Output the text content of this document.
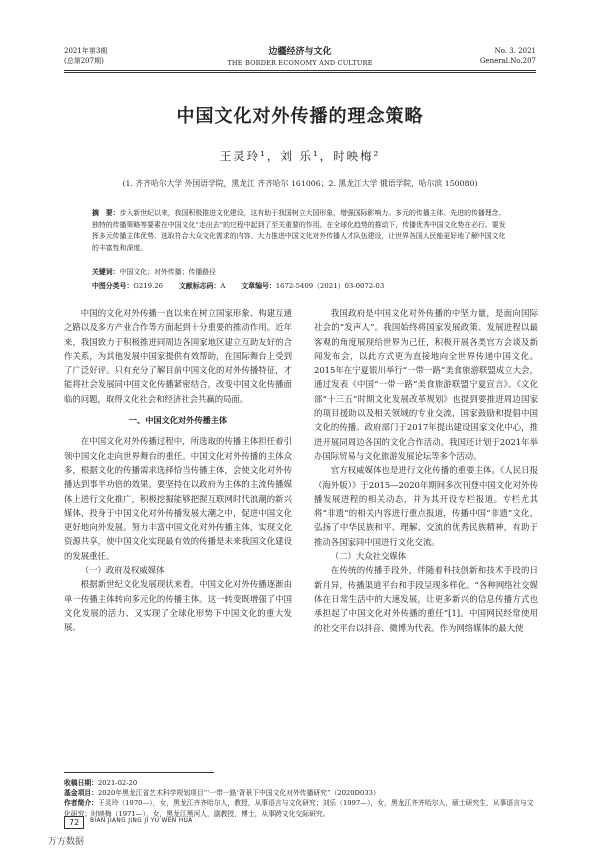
2021年第3期
(总第207期)
边疆经济与文化
THE BORDER ECONOMY AND CULTURE
No. 3. 2021
General.No.207
中国文化对外传播的理念策略
王灵玲¹，刘 乐¹，时映梅²
(1. 齐齐哈尔大学 外国语学院，黑龙江 齐齐哈尔 161006；2. 黑龙江大学 俄语学院，哈尔滨 150080)
摘　要：步入新世纪以来，我国积极推进文化建设，这有助于我国树立大国形象，增强国际影响力。多元的传播主体、先进的传播理念、独特的传播策略等要素在中国文化“走出去”的过程中起到了至关重要的作用。在全球化趋势的推动下，传播优秀中国文化势在必行。要发挥多元传播主体优势、选取符合大众文化需求的内容、大力推进中国文化对外传播人才队伍建设，让世界各国人民能更好地了解中国文化的丰富性和深度。
关键词：中国文化；对外传播；传播路径
中图分类号：G219.26 文献标志码：A 文章编号：1672-5409（2021）03-0072-03

中国的文化对外传播一直以来在树立国家形象、构建互通之路以及多方产业合作等方面起到十分重要的推动作用。近年来，我国致力于积极推进同周边各国家地区建立互助友好的合作关系，为其他发展中国家提供有效帮助，在国际舞台上受到了广泛好评。只有充分了解目前中国文化的对外传播特征，才能将社会发展同中国文化传播紧密结合，改变中国文化传播面临的问题，取得文化社会和经济社会共赢的局面。

一、中国文化对外传播主体

在中国文化对外传播过程中，所选取的传播主体担任着引领中国文化走向世界舞台的重任。中国文化对外传播的主体众多，根据文化的传播需求选择恰当传播主体，会使文化对外传播达到事半功倍的效果。要坚持在以政府为主体的主流传播媒体上进行文化推广，积极挖掘能够把握互联网时代浪潮的新兴媒体，投身于中国文化对外传播发展大潮之中，促进中国文化更好地向外发展。努力丰富中国文化对外传播主体，实现文化资源共享，使中国文化实现最有效的传播是未来我国文化建设的发展重任。

（一）政府及权威媒体

根据新世纪文化发展现状来看，中国文化对外传播逐渐由单一传播主体转向多元化的传播主体。这一转变既增强了中国文化发展的活力、又实现了全球化形势下中国文化的重大发展。

我国政府是中国文化对外传播的中坚力量，是面向国际社会的“发声人”。我国始终将国家发展政策、发展进程以最客观的角度展现给世界为己任，积极开展各类官方会谈及新闻发布会，以此方式更为直接地向全世界传递中国文化。2015年在宁夏银川举行“一带一路”美食旅游联盟成立大会，通过发表《中国“一带一路”美食旅游联盟宁夏宣言》。《文化部“十三五”时期文化发展改革规划》也提到要推进周边国家的项目援助以及相关领域的专业交流，国家鼓励和提倡中国文化的传播。政府部门于2017年提出建设国家文化中心，推进开展同周边各国的文化合作活动。我国还计划于2021年举办国际贸易与文化旅游发展论坛等多个活动。

官方权威媒体也是进行文化传播的重要主体。《人民日报（海外版）》于2015—2020年期间多次刊登中国文化对外传播发展进程的相关动态，并为其开设专栏报道。专栏尤其将“非遗”的相关内容进行重点报道，传播中国“非遗”文化，弘扬了中华民族和平、理解、交流的优秀民族精神，有助于推动各国家同中国进行文化交流。

（二）大众社交媒体

在传统的传播手段外，伴随着科技创新和技术手段的日新月异，传播渠道平台和手段呈现多样化。“各种网络社交媒体在日常生活中的大速发展，让更多新兴的信息传播方式也承担起了中国文化对外传播的重任”[1]。中国网民经常使用的社交平台以抖音、微博为代表。作为网络媒体的最大使

收稿日期：2021-02-20
基金项目：2020年黑龙江省艺术科学规划项目“‘一带一路’背景下中国文化对外传播研究”（2020D033）
作者简介：王灵玲（1970—），女，黑龙江齐齐哈尔人，教授，从事语言与文化研究；刘乐（1997—），女，黑龙江齐齐哈尔人，硕士研究生，从事语言与文化研究；时映梅（1971—），女，黑龙江黑河人，副教授，博士，从事跨文化交际研究。
72	BIAN JIANG JING JI YU WEN HUA
万方数据
